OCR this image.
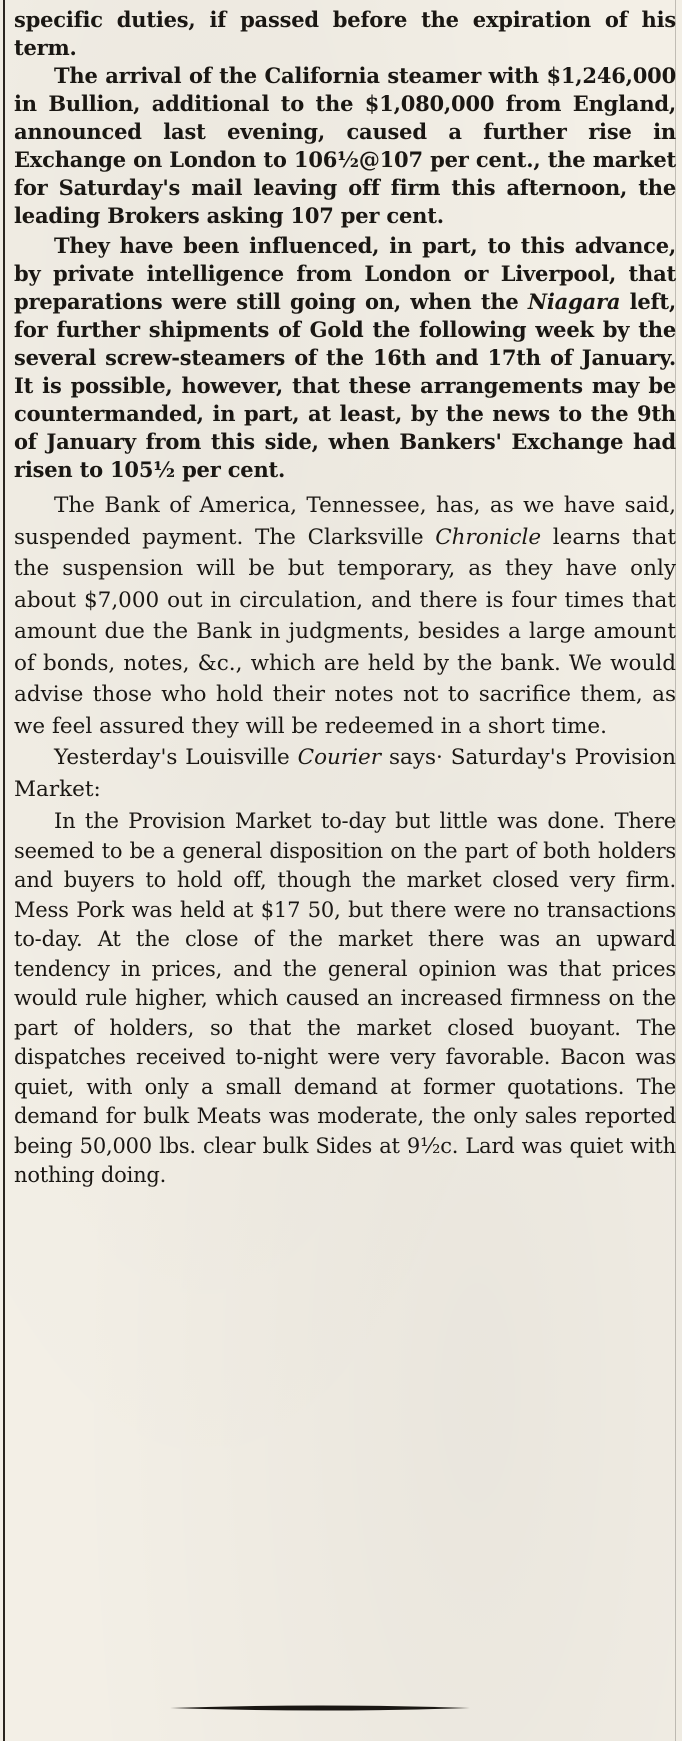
specific duties, if passed before the expiration of his term.

The arrival of the California steamer with $1,246,000 in Bullion, additional to the $1,080,000 from England, announced last evening, caused a further rise in Exchange on London to 106½@107 per cent., the market for Saturday's mail leaving off firm this afternoon, the leading Brokers asking 107 per cent.

They have been influenced, in part, to this advance, by private intelligence from London or Liverpool, that preparations were still going on, when the Niagara left, for further shipments of Gold the following week by the several screw-steamers of the 16th and 17th of January. It is possible, however, that these arrangements may be countermanded, in part, at least, by the news to the 9th of January from this side, when Bankers' Exchange had risen to 105½ per cent.

The Bank of America, Tennessee, has, as we have said, suspended payment. The Clarksville Chronicle learns that the suspension will be but temporary, as they have only about $7,000 out in circulation, and there is four times that amount due the Bank in judgments, besides a large amount of bonds, notes, &c., which are held by the bank. We would advise those who hold their notes not to sacrifice them, as we feel assured they will be redeemed in a short time.

Yesterday's Louisville Courier says· Saturday's Provision Market:

In the Provision Market to-day but little was done. There seemed to be a general disposition on the part of both holders and buyers to hold off, though the market closed very firm. Mess Pork was held at $17 50, but there were no transactions to-day. At the close of the market there was an upward tendency in prices, and the general opinion was that prices would rule higher, which caused an increased firmness on the part of holders, so that the market closed buoyant. The dispatches received to-night were very favorable. Bacon was quiet, with only a small demand at former quotations. The demand for bulk Meats was moderate, the only sales reported being 50,000 lbs. clear bulk Sides at 9½c. Lard was quiet with nothing doing.
